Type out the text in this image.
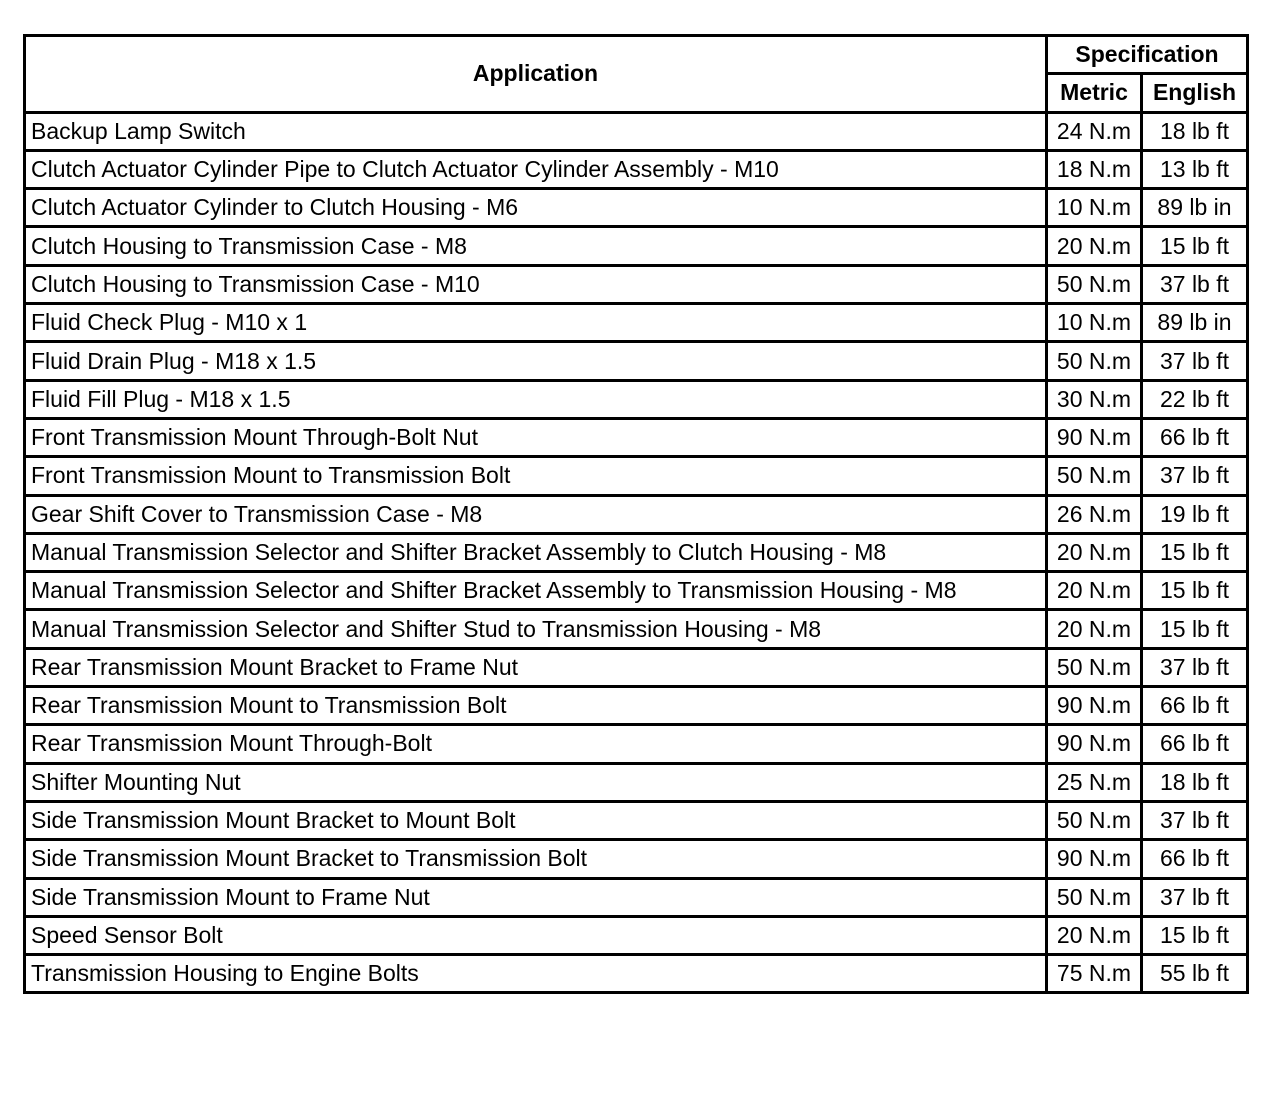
Application	Specification	
	Metric	English
Backup Lamp Switch	24 N.m	18 lb ft
Clutch Actuator Cylinder Pipe to Clutch Actuator Cylinder Assembly - M10	18 N.m	13 lb ft
Clutch Actuator Cylinder to Clutch Housing - M6	10 N.m	89 lb in
Clutch Housing to Transmission Case - M8	20 N.m	15 lb ft
Clutch Housing to Transmission Case - M10	50 N.m	37 lb ft
Fluid Check Plug - M10 x 1	10 N.m	89 lb in
Fluid Drain Plug - M18 x 1.5	50 N.m	37 lb ft
Fluid Fill Plug - M18 x 1.5	30 N.m	22 lb ft
Front Transmission Mount Through-Bolt Nut	90 N.m	66 lb ft
Front Transmission Mount to Transmission Bolt	50 N.m	37 lb ft
Gear Shift Cover to Transmission Case - M8	26 N.m	19 lb ft
Manual Transmission Selector and Shifter Bracket Assembly to Clutch Housing - M8	20 N.m	15 lb ft
Manual Transmission Selector and Shifter Bracket Assembly to Transmission Housing - M8	20 N.m	15 lb ft
Manual Transmission Selector and Shifter Stud to Transmission Housing - M8	20 N.m	15 lb ft
Rear Transmission Mount Bracket to Frame Nut	50 N.m	37 lb ft
Rear Transmission Mount to Transmission Bolt	90 N.m	66 lb ft
Rear Transmission Mount Through-Bolt	90 N.m	66 lb ft
Shifter Mounting Nut	25 N.m	18 lb ft
Side Transmission Mount Bracket to Mount Bolt	50 N.m	37 lb ft
Side Transmission Mount Bracket to Transmission Bolt	90 N.m	66 lb ft
Side Transmission Mount to Frame Nut	50 N.m	37 lb ft
Speed Sensor Bolt	20 N.m	15 lb ft
Transmission Housing to Engine Bolts	75 N.m	55 lb ft
